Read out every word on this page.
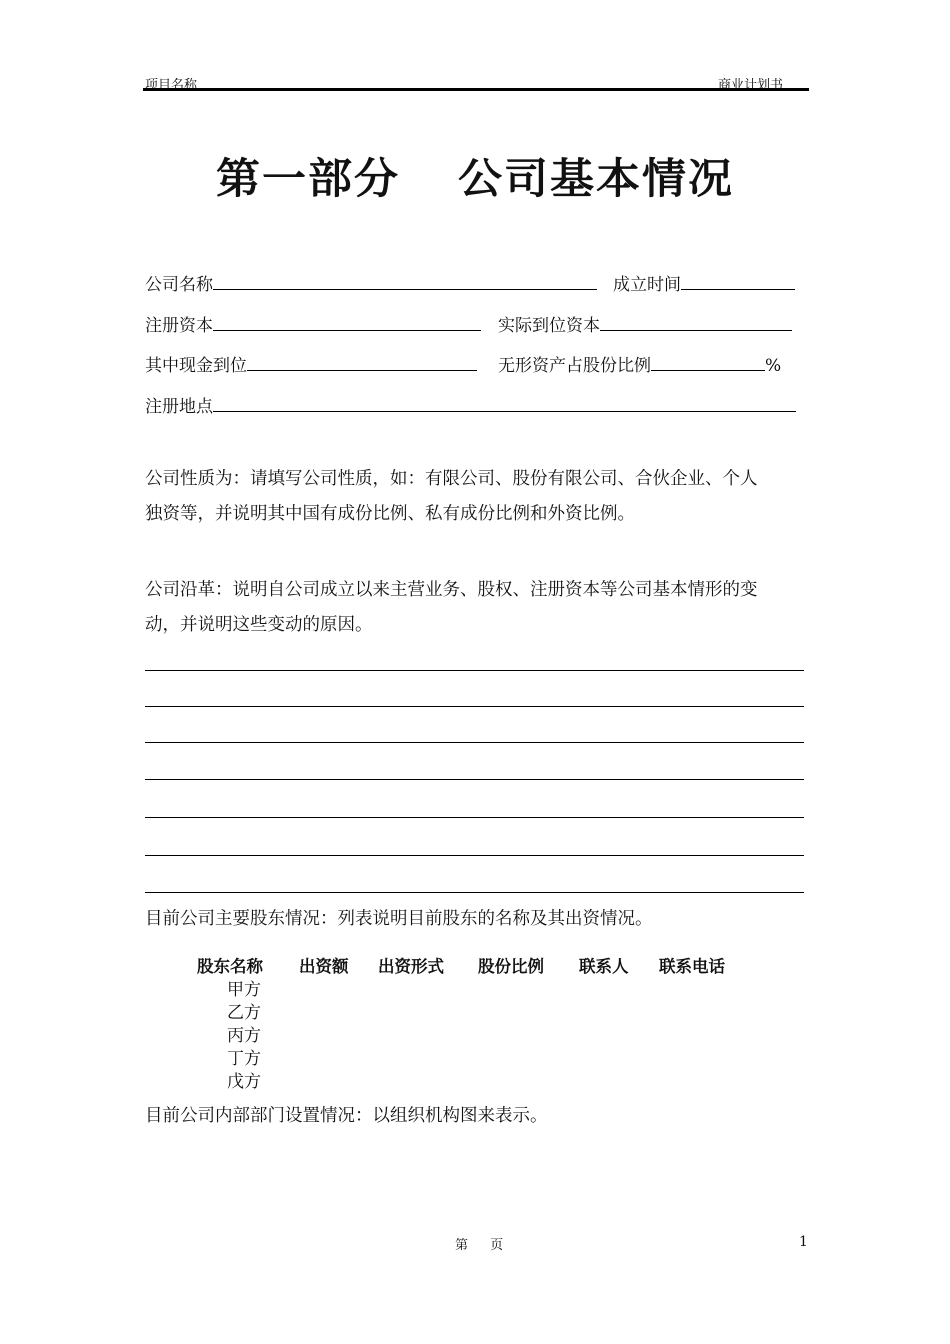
项目名称	商业计划书
第一部分 公司基本情况
公司名称	成立时间
注册资本	实际到位资本
其中现金到位	无形资产占股份比例	%
注册地点
公司性质为：请填写公司性质，如：有限公司、股份有限公司、合伙企业、个人
独资等，并说明其中国有成份比例、私有成份比例和外资比例。
公司沿革：说明自公司成立以来主营业务、股权、注册资本等公司基本情形的变
动，并说明这些变动的原因。
目前公司主要股东情况：列表说明目前股东的名称及其出资情况。
股东名称 出资额 出资形式 股份比例 联系人 联系电话
甲方
乙方
丙方
丁方
戊方
目前公司内部部门设置情况：以组织机构图来表示。
第 页	1
